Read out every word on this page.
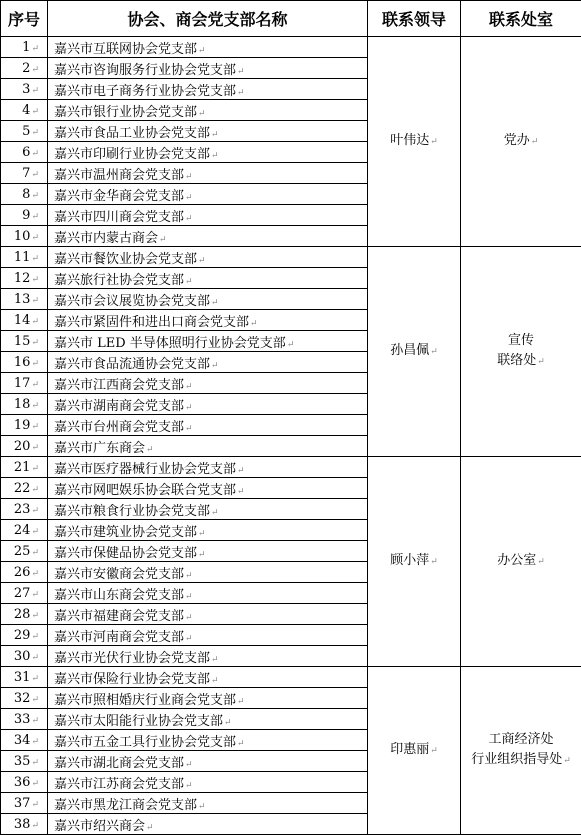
序号	协会、商会党支部名称	联系领导	联系处室
1↵	嘉兴市互联网协会党支部↵	叶伟达↵	党办↵

2↵	嘉兴市咨询服务行业协会党支部↵		
3↵	嘉兴市电子商务行业协会党支部↵		
4↵	嘉兴市银行业协会党支部↵		
5↵	嘉兴市食品工业协会党支部↵		
6↵	嘉兴市印刷行业协会党支部↵		
7↵	嘉兴市温州商会党支部↵		
8↵	嘉兴市金华商会党支部↵		
9↵	嘉兴市四川商会党支部↵		
10↵	嘉兴市内蒙古商会↵		
11↵	嘉兴市餐饮业协会党支部↵	孙昌佩↵	宣传
联络处↵

12↵	嘉兴旅行社协会党支部↵		
13↵	嘉兴市会议展览协会党支部↵		
14↵	嘉兴市紧固件和进出口商会党支部↵		
15↵	嘉兴市 LED 半导体照明行业协会党支部↵		
16↵	嘉兴市食品流通协会党支部↵		
17↵	嘉兴市江西商会党支部↵		
18↵	嘉兴市湖南商会党支部↵		
19↵	嘉兴市台州商会党支部↵		
20↵	嘉兴市广东商会↵		
21↵	嘉兴市医疗器械行业协会党支部↵	顾小萍↵	办公室↵

22↵	嘉兴市网吧娱乐协会联合党支部↵		
23↵	嘉兴市粮食行业协会党支部↵		
24↵	嘉兴市建筑业协会党支部↵		
25↵	嘉兴市保健品协会党支部↵		
26↵	嘉兴市安徽商会党支部↵		
27↵	嘉兴市山东商会党支部↵		
28↵	嘉兴市福建商会党支部↵		
29↵	嘉兴市河南商会党支部↵		
30↵	嘉兴市光伏行业协会党支部↵		
31↵	嘉兴市保险行业协会党支部↵	印惠丽↵	工商经济处
行业组织指导处↵

32↵	嘉兴市照相婚庆行业商会党支部↵		
33↵	嘉兴市太阳能行业协会党支部↵		
34↵	嘉兴市五金工具行业协会党支部↵		
35↵	嘉兴市湖北商会党支部↵		
36↵	嘉兴市江苏商会党支部↵		
37↵	嘉兴市黑龙江商会党支部↵		
38↵	嘉兴市绍兴商会↵		
